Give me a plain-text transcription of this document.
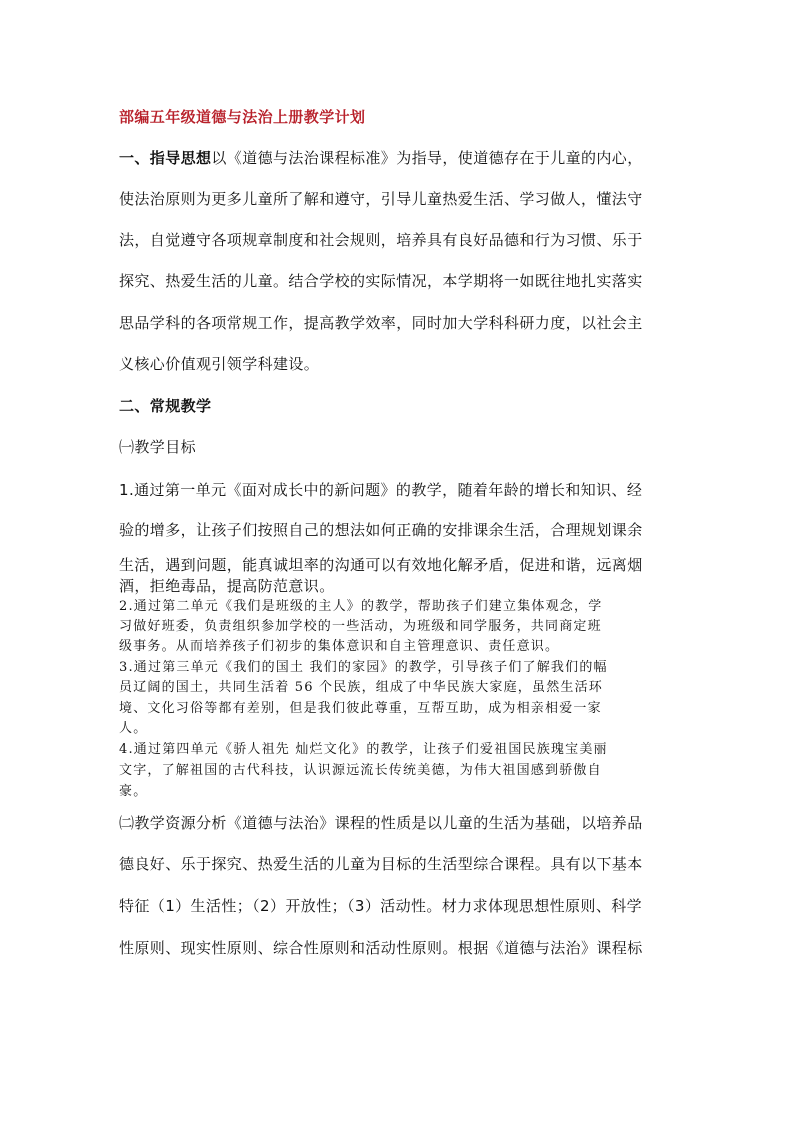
部编五年级道德与法治上册教学计划
一、指导思想以《道德与法治课程标准》为指导，使道德存在于儿童的内心，
使法治原则为更多儿童所了解和遵守，引导儿童热爱生活、学习做人，懂法守
法，自觉遵守各项规章制度和社会规则，培养具有良好品德和行为习惯、乐于
探究、热爱生活的儿童。结合学校的实际情况，本学期将一如既往地扎实落实
思品学科的各项常规工作，提高教学效率，同时加大学科科研力度，以社会主
义核心价值观引领学科建设。
二、常规教学
㈠教学目标
1.通过第一单元《面对成长中的新问题》的教学，随着年龄的增长和知识、经
验的增多，让孩子们按照自己的想法如何正确的安排课余生活，合理规划课余
生活，遇到问题，能真诚坦率的沟通可以有效地化解矛盾，促进和谐，远离烟
酒，拒绝毒品，提高防范意识。
2.通过第二单元《我们是班级的主人》的教学，帮助孩子们建立集体观念，学
习做好班委，负责组织参加学校的一些活动，为班级和同学服务，共同商定班
级事务。从而培养孩子们初步的集体意识和自主管理意识、责任意识。
3.通过第三单元《我们的国土 我们的家园》的教学，引导孩子们了解我们的幅
员辽阔的国土，共同生活着 56 个民族，组成了中华民族大家庭，虽然生活环
境、文化习俗等都有差别，但是我们彼此尊重，互帮互助，成为相亲相爱一家
人。
4.通过第四单元《骄人祖先 灿烂文化》的教学，让孩子们爱祖国民族瑰宝美丽
文字，了解祖国的古代科技，认识源远流长传统美德，为伟大祖国感到骄傲自
豪。
㈡教学资源分析《道德与法治》课程的性质是以儿童的生活为基础，以培养品
德良好、乐于探究、热爱生活的儿童为目标的生活型综合课程。具有以下基本
特征（1）生活性；（2）开放性；（3）活动性。材力求体现思想性原则、科学
性原则、现实性原则、综合性原则和活动性原则。根据《道德与法治》课程标
